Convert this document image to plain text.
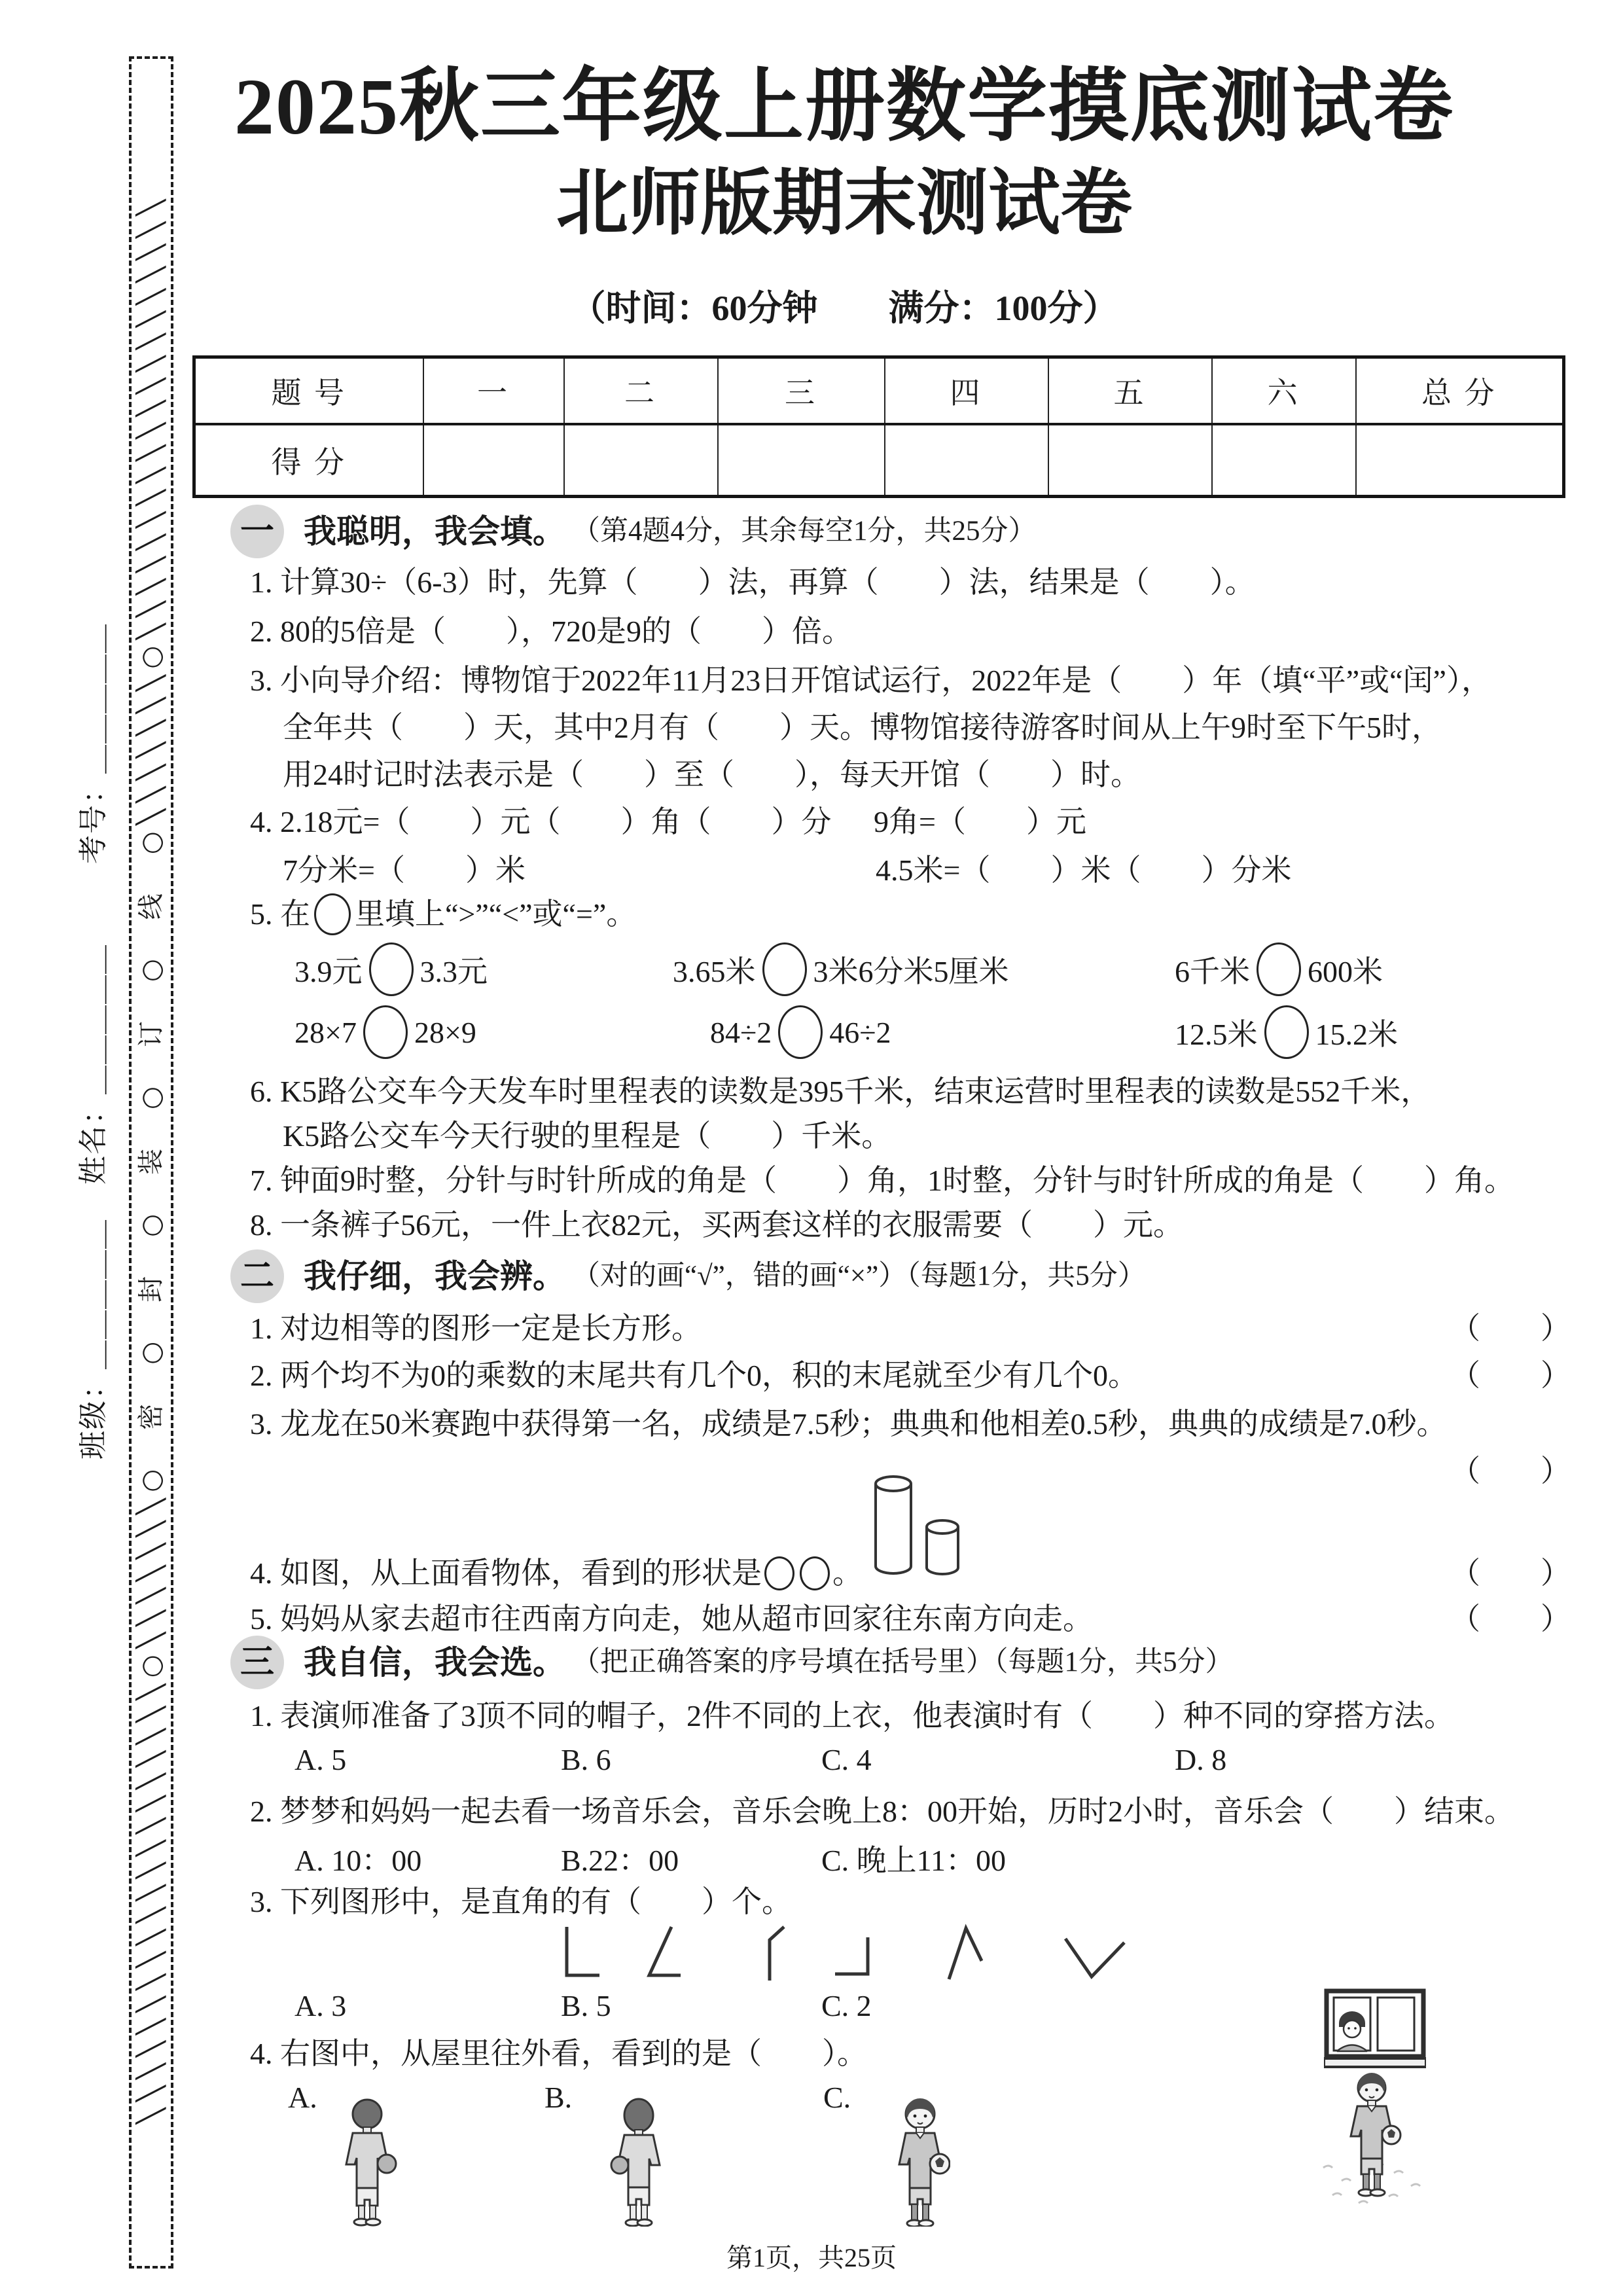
╲╲╲╲╲╲╲╲╲╲╲╲╲╲╲╲╲╲╲╲○╲╲╲╲╲╲╲○　密　○　封　○　装　○　订　○　线　○╲╲╲╲╲╲╲○╲╲╲╲╲╲╲╲╲╲╲╲╲╲╲╲╲╲╲╲
考号：＿＿＿＿＿
姓名：＿＿＿＿＿
班级：＿＿＿＿＿
2025秋三年级上册数学摸底测试卷
北师版期末测试卷
（时间：60分钟　　满分：100分）
题 号	一	二	三	四	五	六	总 分
得 分							
一 我聪明，我会填。 （第4题4分，其余每空1分，共25分）
1. 计算30÷（6-3）时，先算（　　）法，再算（　　）法，结果是（　　）。
2. 80的5倍是（　　），720是9的（　　）倍。
3. 小向导介绍：博物馆于2022年11月23日开馆试运行，2022年是（　　）年（填“平”或“闰”），
全年共（　　）天，其中2月有（　　）天。博物馆接待游客时间从上午9时至下午5时，
用24时记时法表示是（　　）至（　　），每天开馆（　　）时。
4. 2.18元=（　　）元（　　）角（　　）分 9角=（　　）元
7分米=（　　）米	4.5米=（　　）米（　　）分米
5. 在 里填上“>”“<”或“=”。
3.9元 3.3元	3.65米 3米6分米5厘米	6千米 600米
28×7 28×9	84÷2 46÷2	12.5米 15.2米
6. K5路公交车今天发车时里程表的读数是395千米，结束运营时里程表的读数是552千米，
K5路公交车今天行驶的里程是（　　）千米。
7. 钟面9时整，分针与时针所成的角是（　　）角，1时整，分针与时针所成的角是（　　）角。
8. 一条裤子56元，一件上衣82元，买两套这样的衣服需要（　　）元。
二 我仔细，我会辨。 （对的画“√”，错的画“×”）（每题1分，共5分）
1. 对边相等的图形一定是长方形。	（　　）
2. 两个均不为0的乘数的末尾共有几个0，积的末尾就至少有几个0。	（　　）
3. 龙龙在50米赛跑中获得第一名，成绩是7.5秒；典典和他相差0.5秒，典典的成绩是7.0秒。
（　　）
4. 如图，从上面看物体，看到的形状是 。	（　　）
5. 妈妈从家去超市往西南方向走，她从超市回家往东南方向走。	（　　）
三 我自信，我会选。 （把正确答案的序号填在括号里）（每题1分，共5分）
1. 表演师准备了3顶不同的帽子，2件不同的上衣，他表演时有（　　）种不同的穿搭方法。
A. 5	B. 6	C. 4	D. 8
2. 梦梦和妈妈一起去看一场音乐会，音乐会晚上8：00开始，历时2小时，音乐会（　　）结束。
A. 10：00	B.22：00	C. 晚上11：00
3. 下列图形中，是直角的有（　　）个。
A. 3	B. 5	C. 2
4. 右图中，从屋里往外看，看到的是（　　）。
A.	B.	C.
第1页，共25页
